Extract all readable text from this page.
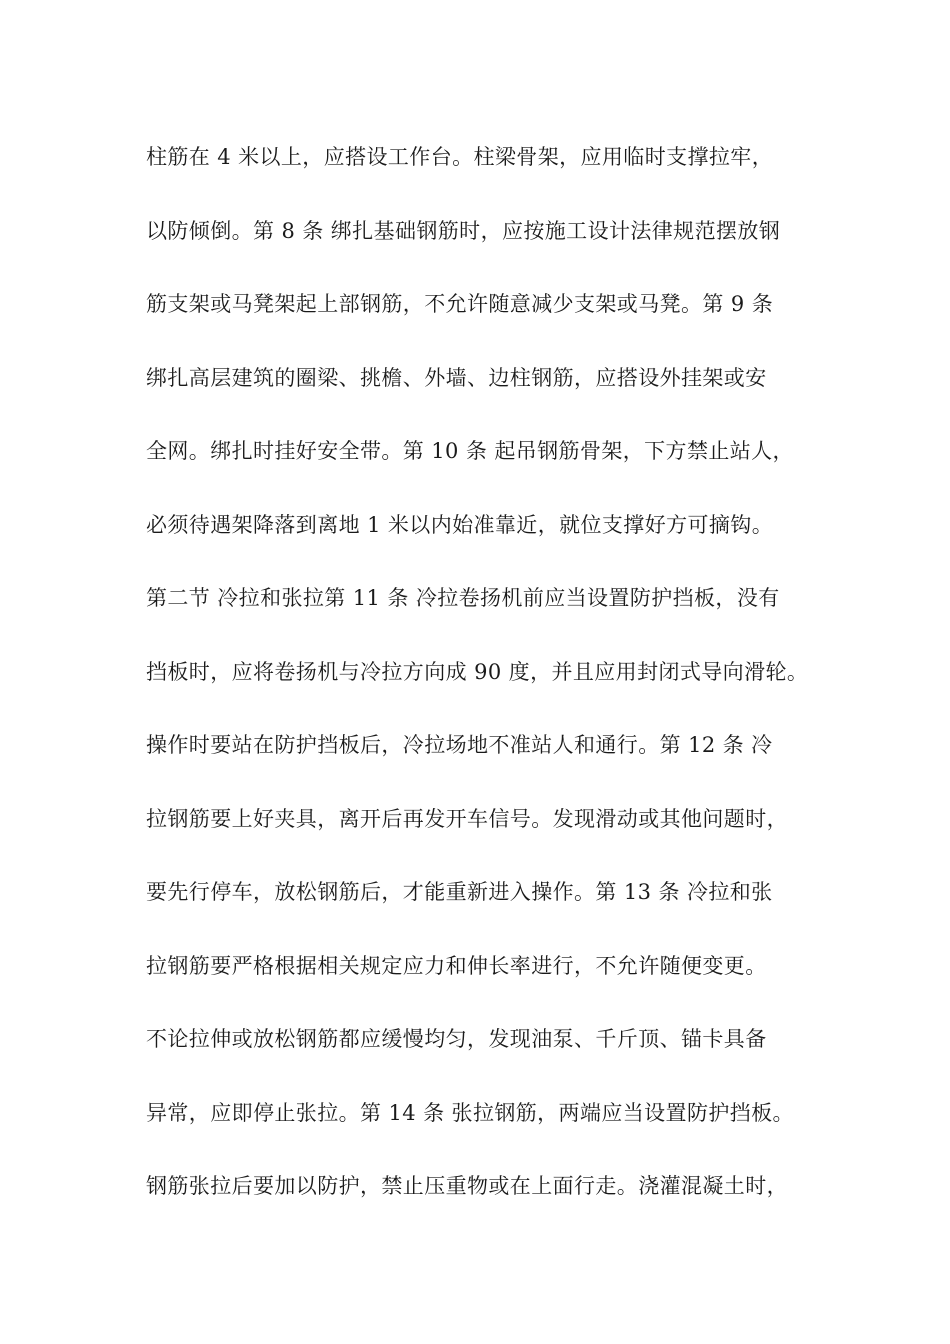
柱筋在 4 米以上，应搭设工作台。柱梁骨架，应用临时支撑拉牢，
以防倾倒。第 8 条 绑扎基础钢筋时，应按施工设计法律规范摆放钢
筋支架或马凳架起上部钢筋，不允许随意减少支架或马凳。第 9 条
绑扎高层建筑的圈梁、挑檐、外墙、边柱钢筋，应搭设外挂架或安
全网。绑扎时挂好安全带。第 10 条 起吊钢筋骨架，下方禁止站人，
必须待遇架降落到离地 1 米以内始准靠近，就位支撑好方可摘钩。
第二节 冷拉和张拉第 11 条 冷拉卷扬机前应当设置防护挡板，没有
挡板时，应将卷扬机与冷拉方向成 90 度，并且应用封闭式导向滑轮。
操作时要站在防护挡板后，冷拉场地不准站人和通行。第 12 条 冷
拉钢筋要上好夹具，离开后再发开车信号。发现滑动或其他问题时，
要先行停车，放松钢筋后，才能重新进入操作。第 13 条 冷拉和张
拉钢筋要严格根据相关规定应力和伸长率进行，不允许随便变更。
不论拉伸或放松钢筋都应缓慢均匀，发现油泵、千斤顶、锚卡具备
异常，应即停止张拉。第 14 条 张拉钢筋，两端应当设置防护挡板。
钢筋张拉后要加以防护，禁止压重物或在上面行走。浇灌混凝土时，
